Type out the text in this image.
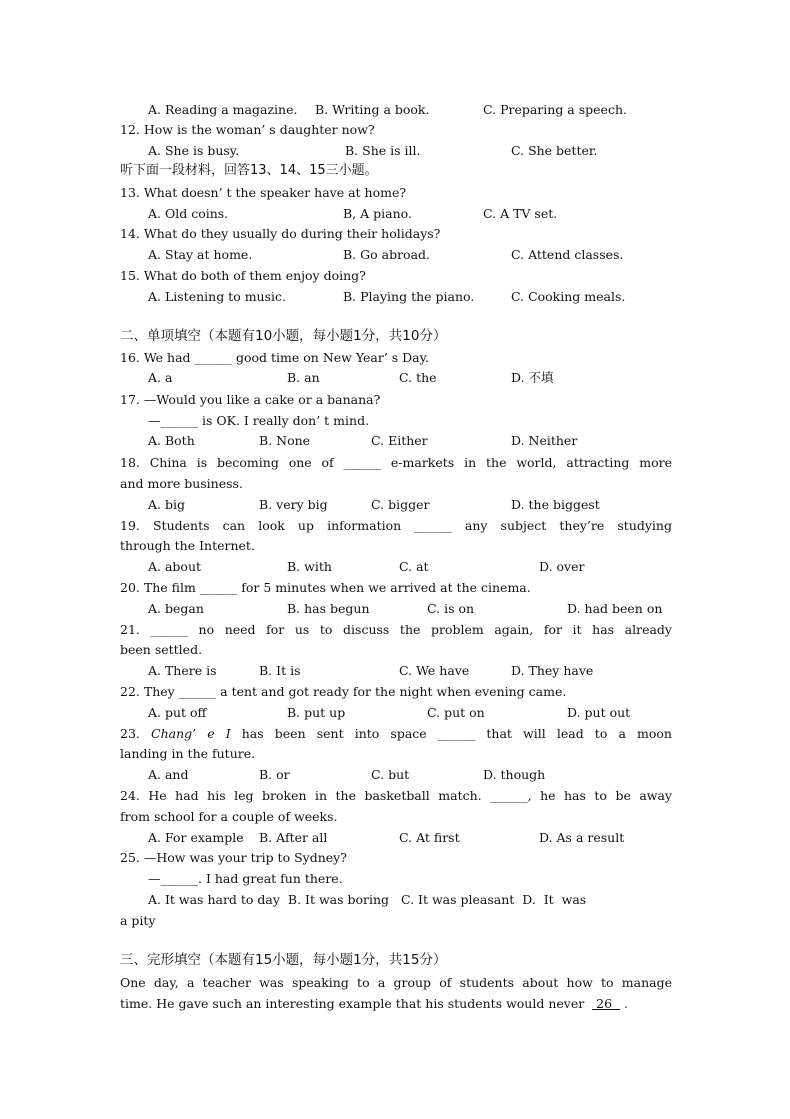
A. Reading a magazine. B. Writing a book.	C. Preparing a speech.
12. How is the woman’ s daughter now?
A. She is busy.	B. She is ill.	C. She better.
听下面一段材料，回答13、14、15三小题。
13. What doesn’ t the speaker have at home?
A. Old coins.	B, A piano.	C. A TV set.
14. What do they usually do during their holidays?
A. Stay at home.	B. Go abroad.	C. Attend classes.
15. What do both of them enjoy doing?
A. Listening to music.	B. Playing the piano.	C. Cooking meals.
二、单项填空（本题有10小题，每小题1分，共10分）
16. We had ______ good time on New Year’ s Day.
A. a	B. an	C. the	D. 不填
17. —Would you like a cake or a banana?
—______ is OK. I really don’ t mind.
A. Both	B. None	C. Either	D. Neither
18. China is becoming one of ______ e-markets in the world, attracting more
and more business.
A. big	B. very big	C. bigger	D. the biggest
19. Students can look up information ______ any subject they’re studying
through the Internet.
A. about	B. with	C. at	D. over
20. The film ______ for 5 minutes when we arrived at the cinema.
A. began	B. has begun	C. is on	D. had been on
21. ______ no need for us to discuss the problem again, for it has already
been settled.
A. There is	B. It is	C. We have	D. They have
22. They ______ a tent and got ready for the night when evening came.
A. put off	B. put up	C. put on	D. put out
23. Chang’ e I has been sent into space ______ that will lead to a moon
landing in the future.
A. and	B. or	C. but	D. though
24. He had his leg broken in the basketball match. ______, he has to be away
from school for a couple of weeks.
A. For example B. After all	C. At first	D. As a result
25. —How was your trip to Sydney?
—______. I had great fun there.
A. It was hard to day  B. It was boring   C. It was pleasant  D.  It  was
a pity
三、完形填空（本题有15小题，每小题1分，共15分）
One day, a teacher was speaking to a group of students about how to manage
time. He gave such an interesting example that his students would never   26   .
